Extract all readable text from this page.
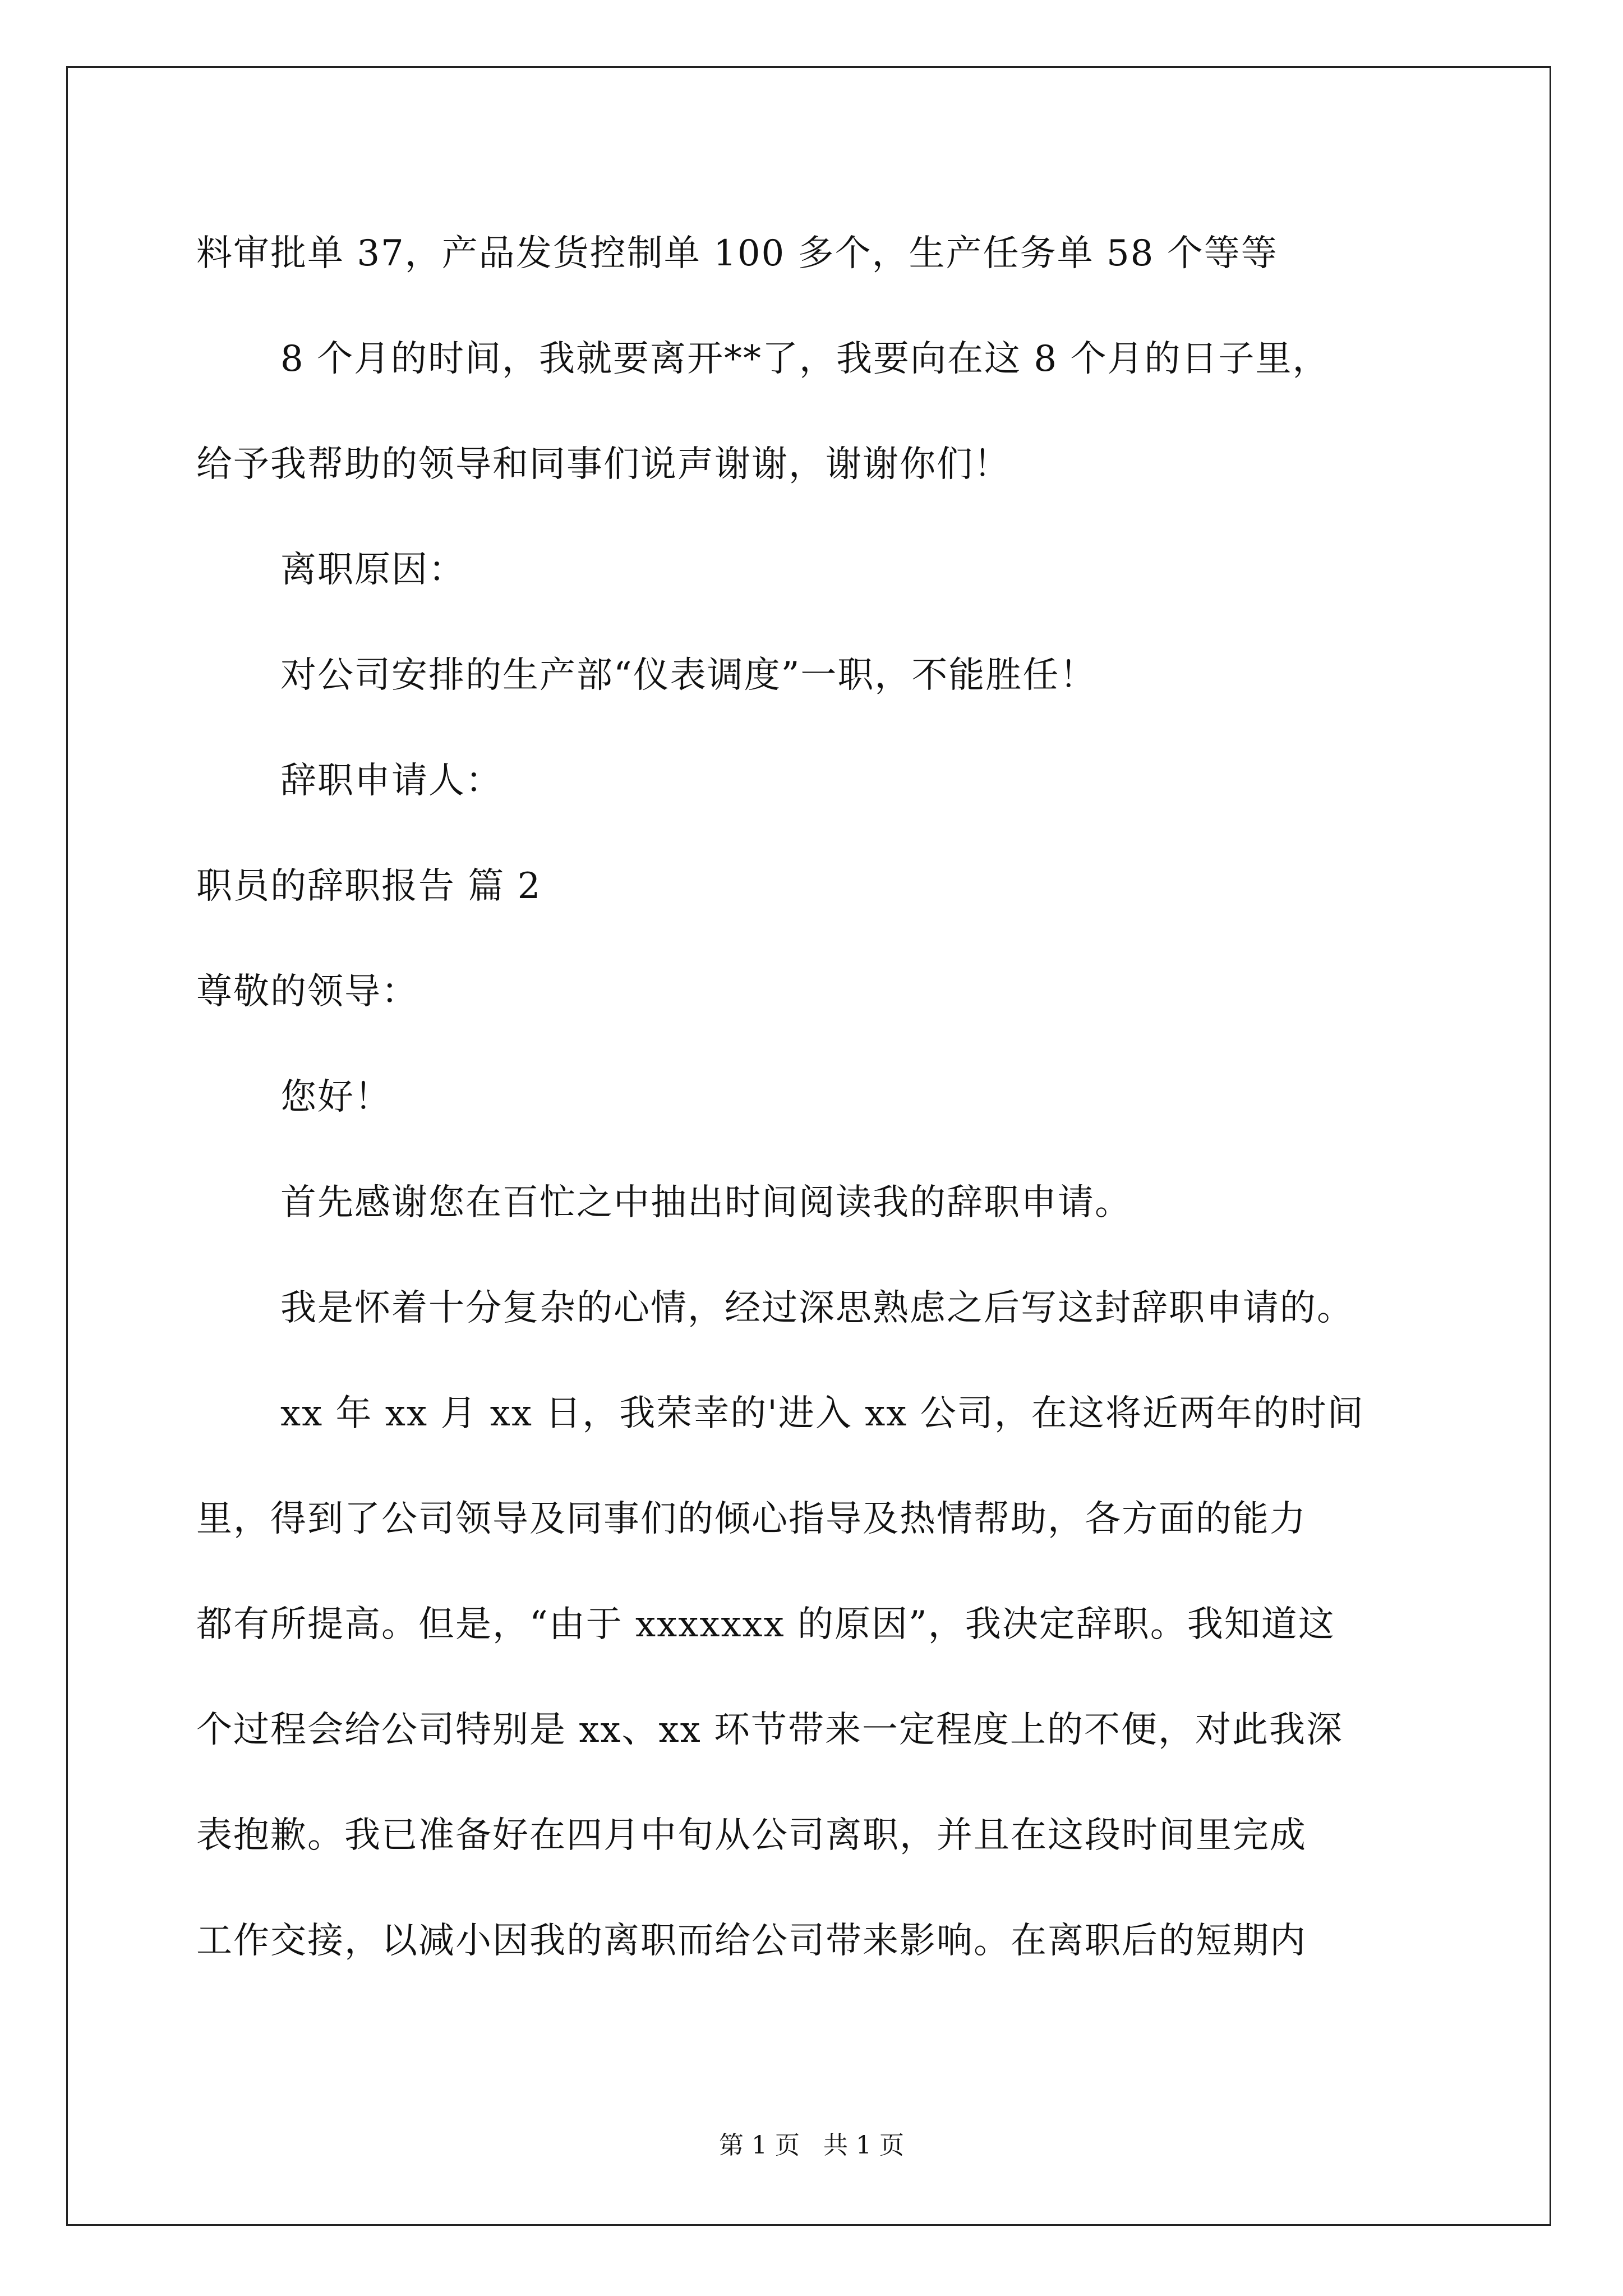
料审批单 37，产品发货控制单 100 多个，生产任务单 58 个等等
8 个月的时间，我就要离开**了，我要向在这 8 个月的日子里，
给予我帮助的领导和同事们说声谢谢，谢谢你们！
离职原因：
对公司安排的生产部“仪表调度”一职，不能胜任！
辞职申请人：
职员的辞职报告 篇 2
尊敬的领导：
您好！
首先感谢您在百忙之中抽出时间阅读我的辞职申请。
我是怀着十分复杂的心情，经过深思熟虑之后写这封辞职申请的。
xx 年 xx 月 xx 日，我荣幸的'进入 xx 公司，在这将近两年的时间
里，得到了公司领导及同事们的倾心指导及热情帮助，各方面的能力
都有所提高。但是，“由于 xxxxxxx 的原因”，我决定辞职。我知道这
个过程会给公司特别是 xx、xx 环节带来一定程度上的不便，对此我深
表抱歉。我已准备好在四月中旬从公司离职，并且在这段时间里完成
工作交接，以减小因我的离职而给公司带来影响。在离职后的短期内
第 1 页   共 1 页
